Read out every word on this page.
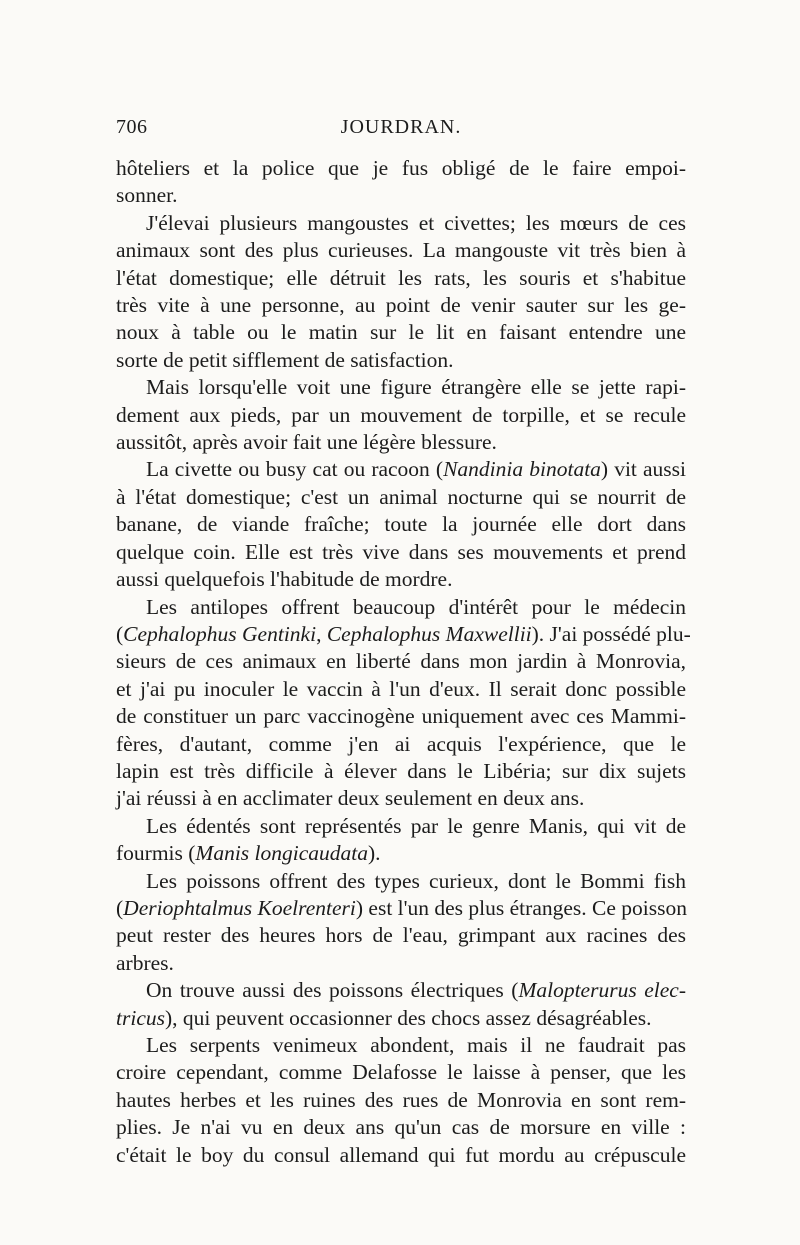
706	JOURDRAN.

hôteliers et la police que je fus obligé de le faire empoi-
sonner.

J'élevai plusieurs mangoustes et civettes; les mœurs de ces
animaux sont des plus curieuses. La mangouste vit très bien à
l'état domestique; elle détruit les rats, les souris et s'habitue
très vite à une personne, au point de venir sauter sur les ge-
noux à table ou le matin sur le lit en faisant entendre une
sorte de petit sifflement de satisfaction.

Mais lorsqu'elle voit une figure étrangère elle se jette rapi-
dement aux pieds, par un mouvement de torpille, et se recule
aussitôt, après avoir fait une légère blessure.

La civette ou busy cat ou racoon (Nandinia binotata) vit aussi
à l'état domestique; c'est un animal nocturne qui se nourrit de
banane, de viande fraîche; toute la journée elle dort dans
quelque coin. Elle est très vive dans ses mouvements et prend
aussi quelquefois l'habitude de mordre.

Les antilopes offrent beaucoup d'intérêt pour le médecin
(Cephalophus Gentinki, Cephalophus Maxwellii). J'ai possédé plu-
sieurs de ces animaux en liberté dans mon jardin à Monrovia,
et j'ai pu inoculer le vaccin à l'un d'eux. Il serait donc possible
de constituer un parc vaccinogène uniquement avec ces Mammi-
fères, d'autant, comme j'en ai acquis l'expérience, que le
lapin est très difficile à élever dans le Libéria; sur dix sujets
j'ai réussi à en acclimater deux seulement en deux ans.

Les édentés sont représentés par le genre Manis, qui vit de
fourmis (Manis longicaudata).

Les poissons offrent des types curieux, dont le Bommi fish
(Deriophtalmus Koelrenteri) est l'un des plus étranges. Ce poisson
peut rester des heures hors de l'eau, grimpant aux racines des
arbres.

On trouve aussi des poissons électriques (Malopterurus elec-
tricus), qui peuvent occasionner des chocs assez désagréables.

Les serpents venimeux abondent, mais il ne faudrait pas
croire cependant, comme Delafosse le laisse à penser, que les
hautes herbes et les ruines des rues de Monrovia en sont rem-
plies. Je n'ai vu en deux ans qu'un cas de morsure en ville :
c'était le boy du consul allemand qui fut mordu au crépuscule
